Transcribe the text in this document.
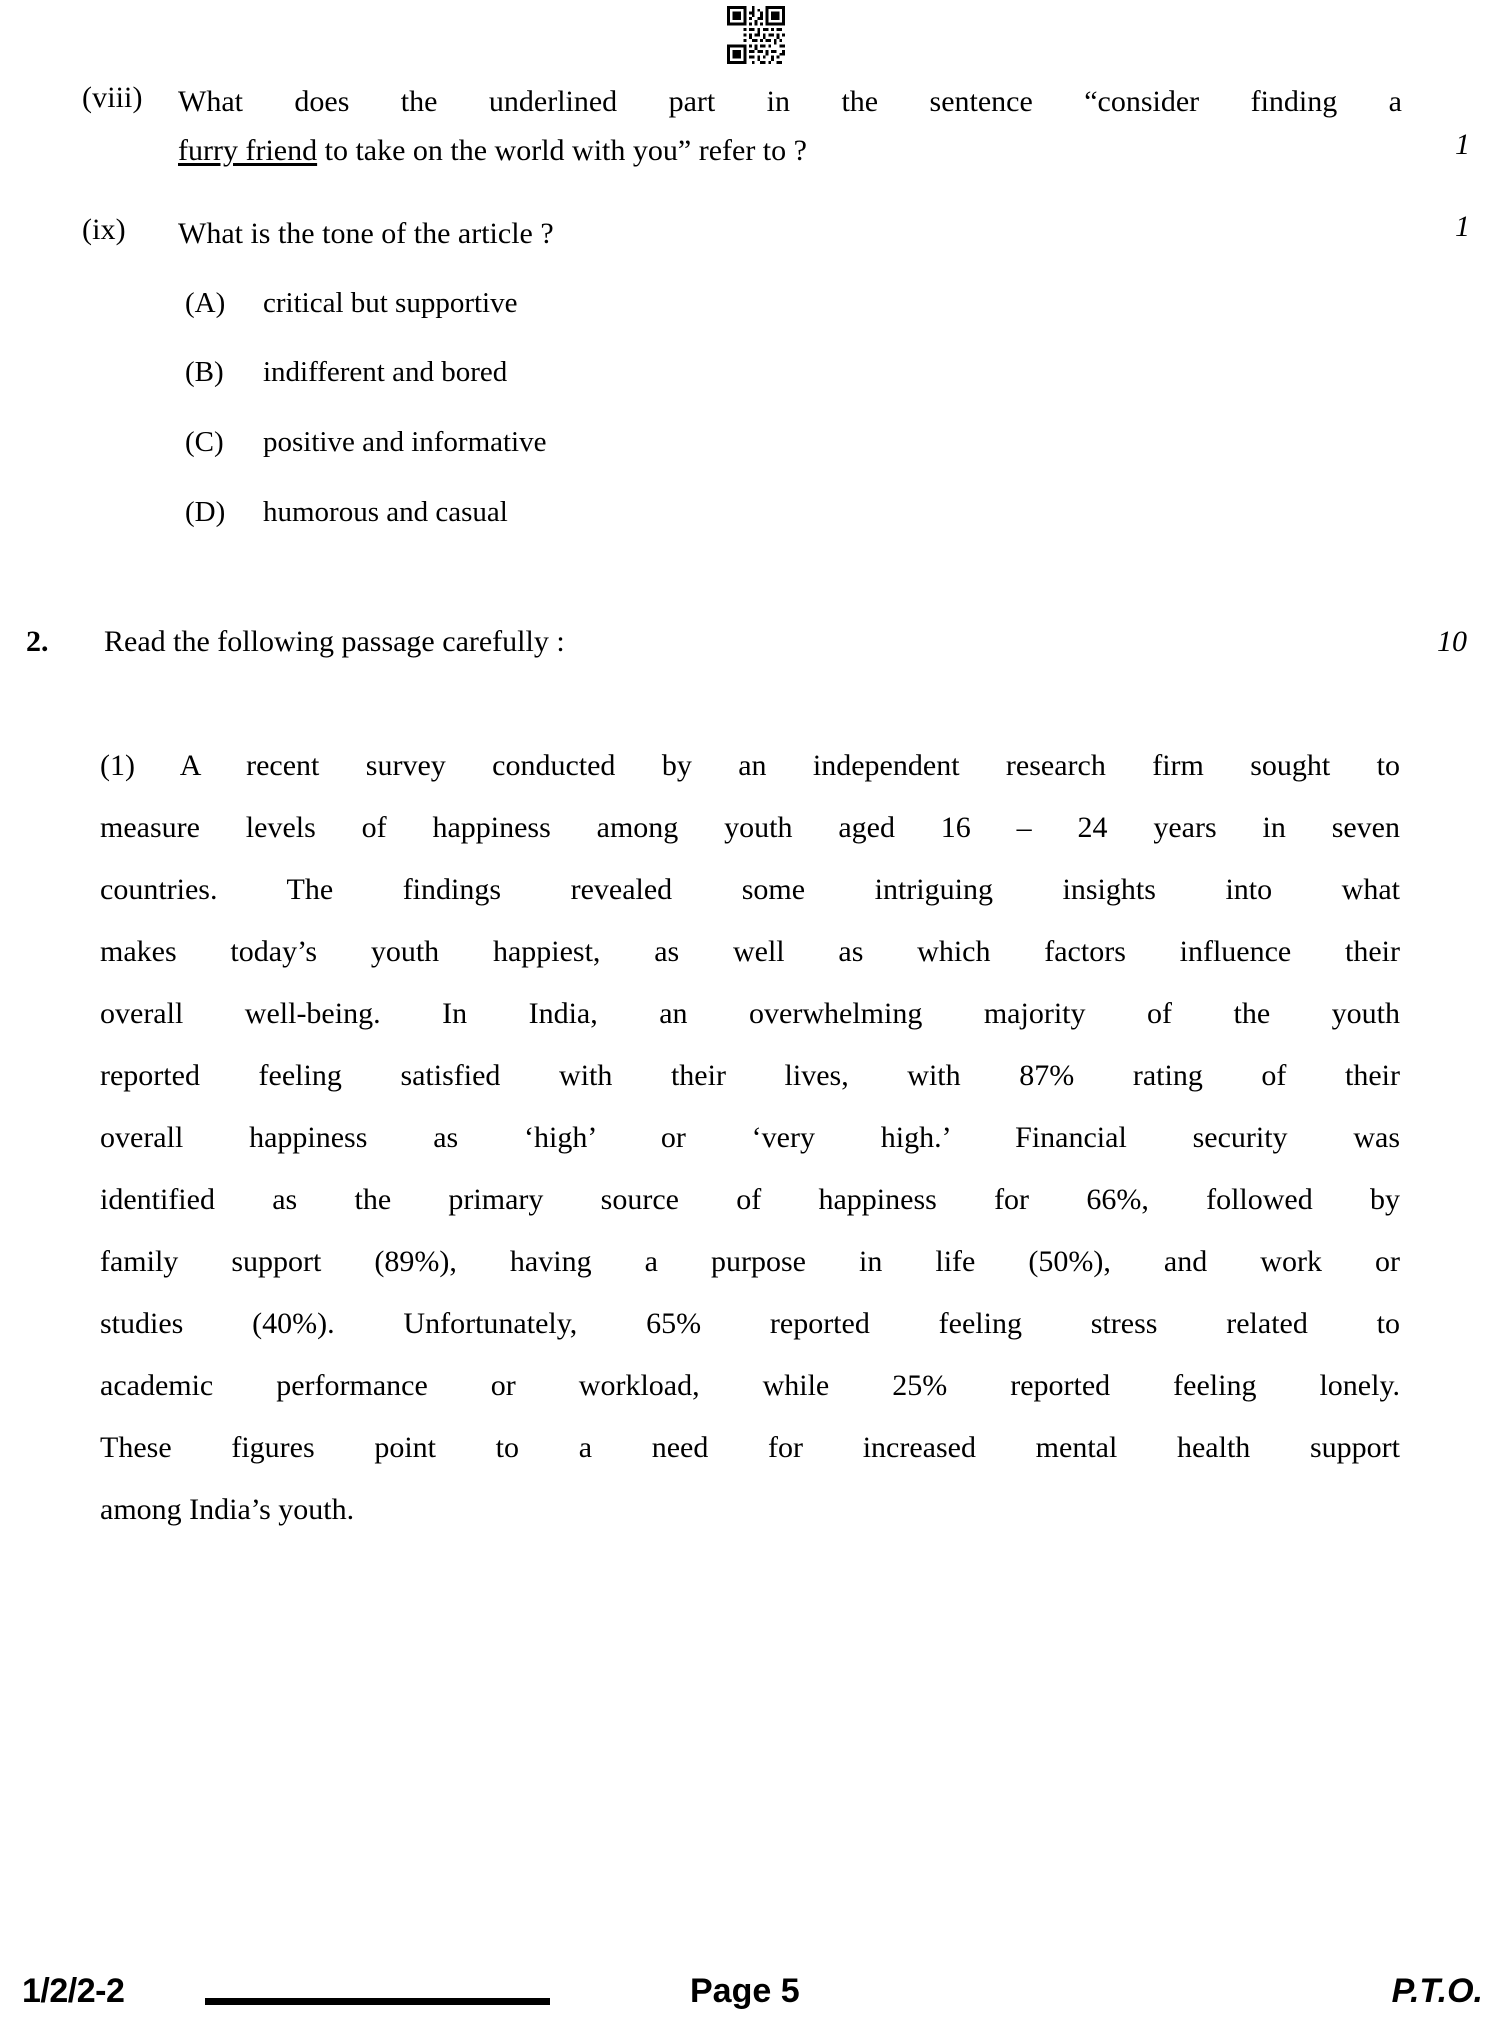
(viii)	What does the underlined part in the sentence “consider finding a
furry friend to take on the world with you” refer to ?	1
(ix)	What is the tone of the article ?	1
(A)	critical but supportive
(B)	indifferent and bored
(C)	positive and informative
(D)	humorous and casual
2.	Read the following passage carefully :	10
(1) A recent survey conducted by an independent research firm sought to
measure levels of happiness among youth aged 16 – 24 years in seven
countries. The findings revealed some intriguing insights into what
makes today’s youth happiest, as well as which factors influence their
overall well-being. In India, an overwhelming majority of the youth
reported feeling satisfied with their lives, with 87% rating of their
overall happiness as ‘high’ or ‘very high.’ Financial security was
identified as the primary source of happiness for 66%, followed by
family support (89%), having a purpose in life (50%), and work or
studies (40%). Unfortunately, 65% reported feeling stress related to
academic performance or workload, while 25% reported feeling lonely.
These figures point to a need for increased mental health support
among India’s youth.
1/2/2-2	Page 5	P.T.O.
